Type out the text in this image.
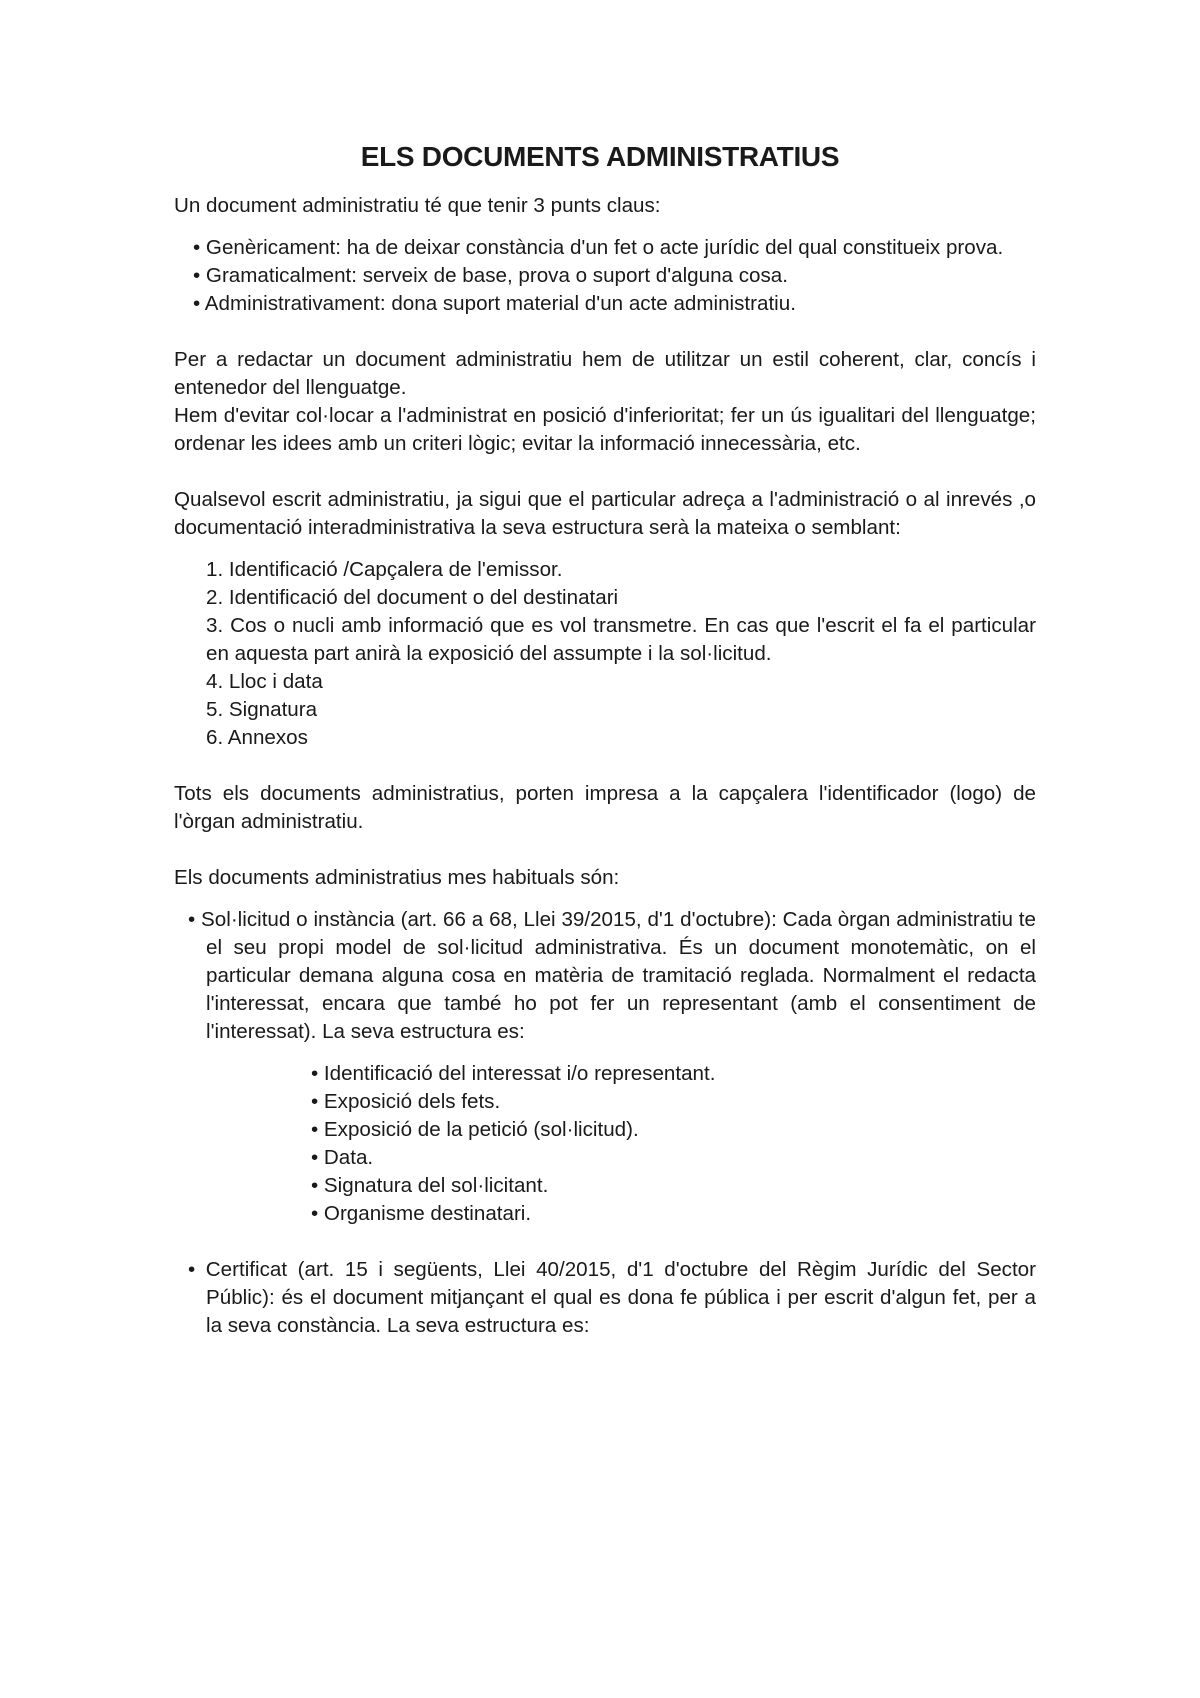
ELS DOCUMENTS ADMINISTRATIUS

Un document administratiu té que tenir 3 punts claus:

• Genèricament: ha de deixar constància d'un fet o acte jurídic del qual constitueix prova.
• Gramaticalment: serveix de base, prova o suport d'alguna cosa.
• Administrativament: dona suport material d'un acte administratiu.

Per a redactar un document administratiu hem de utilitzar un estil coherent, clar, concís i entenedor del llenguatge.

Hem d'evitar col·locar a l'administrat en posició d'inferioritat; fer un ús igualitari del llenguatge; ordenar les idees amb un criteri lògic; evitar la informació innecessària, etc.

Qualsevol escrit administratiu, ja sigui que el particular adreça a l'administració o al inrevés ,o documentació interadministrativa la seva estructura serà la mateixa o semblant:

1. Identificació /Capçalera de l'emissor.
2. Identificació del document o del destinatari
3. Cos o nucli amb informació que es vol transmetre. En cas que l'escrit el fa el particular en aquesta part anirà la exposició del assumpte i la sol·licitud.
4. Lloc i data
5. Signatura
6. Annexos

Tots els documents administratius, porten impresa a la capçalera l'identificador (logo) de l'òrgan administratiu.

Els documents administratius mes habituals són:

• Sol·licitud o instància (art. 66 a 68, Llei 39/2015, d'1 d'octubre): Cada òrgan administratiu te el seu propi model de sol·licitud administrativa. És un document monotemàtic, on el particular demana alguna cosa en matèria de tramitació reglada. Normalment el redacta l'interessat, encara que també ho pot fer un representant (amb el consentiment de l'interessat). La seva estructura es:
• Identificació del interessat i/o representant.
• Exposició dels fets.
• Exposició de la petició (sol·licitud).
• Data.
• Signatura del sol·licitant.
• Organisme destinatari.
• Certificat (art. 15 i següents, Llei 40/2015, d'1 d'octubre del Règim Jurídic del Sector Públic): és el document mitjançant el qual es dona fe pública i per escrit d'algun fet, per a la seva constància. La seva estructura es:
